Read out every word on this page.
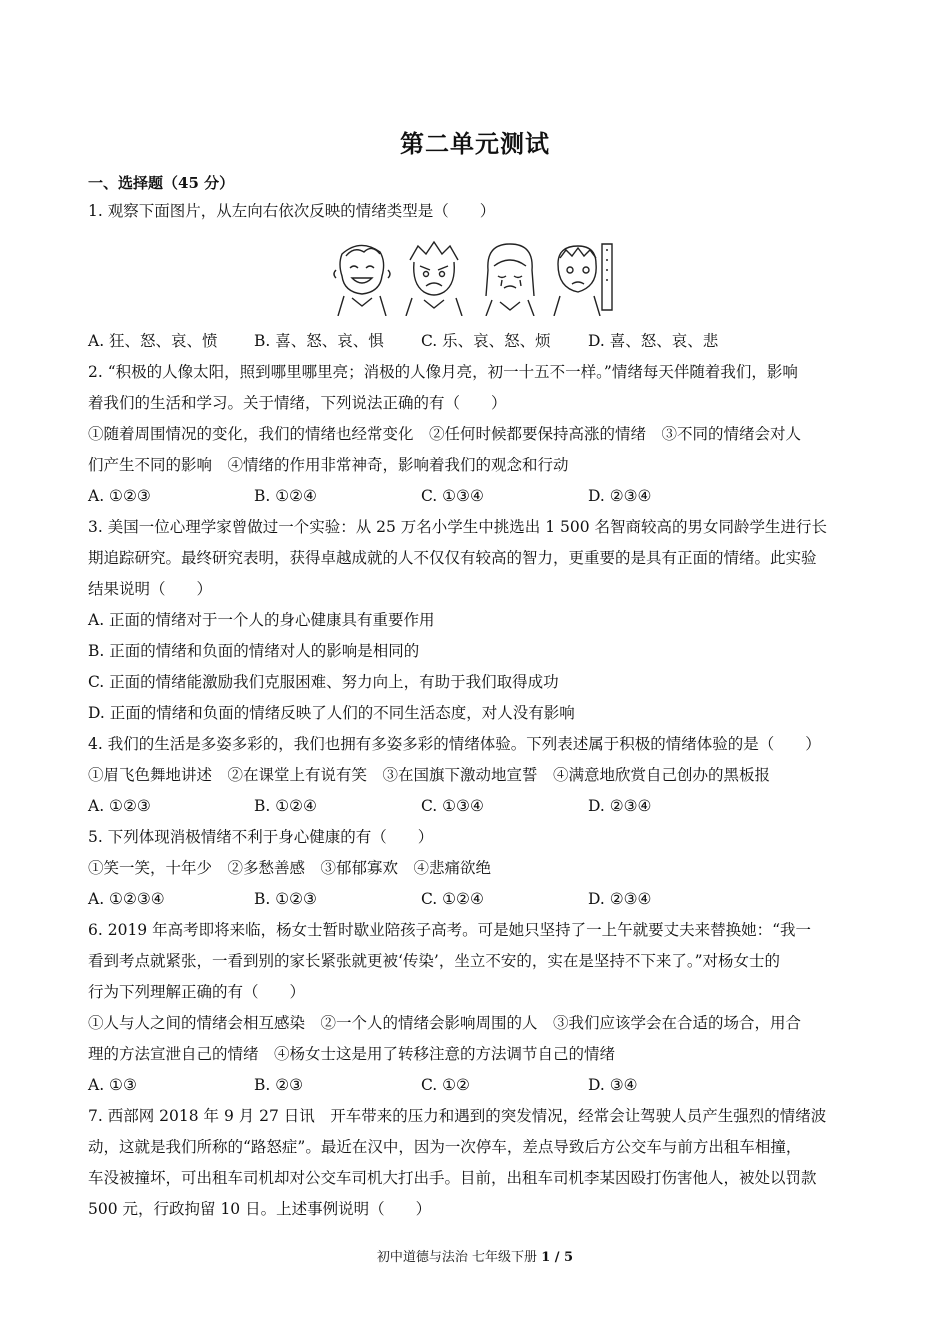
第二单元测试
一、选择题（45 分）
1. 观察下面图片，从左向右依次反映的情绪类型是（　　）
A. 狂、怒、哀、愤 B. 喜、怒、哀、惧 C. 乐、哀、怒、烦 D. 喜、怒、哀、悲
2. “积极的人像太阳，照到哪里哪里亮；消极的人像月亮，初一十五不一样。”情绪每天伴随着我们，影响
着我们的生活和学习。关于情绪，下列说法正确的有（　　）
①随着周围情况的变化，我们的情绪也经常变化　②任何时候都要保持高涨的情绪　③不同的情绪会对人
们产生不同的影响　④情绪的作用非常神奇，影响着我们的观念和行动
A. ①②③	B. ①②④	C. ①③④	D. ②③④
3. 美国一位心理学家曾做过一个实验：从 25 万名小学生中挑选出 1 500 名智商较高的男女同龄学生进行长
期追踪研究。最终研究表明，获得卓越成就的人不仅仅有较高的智力，更重要的是具有正面的情绪。此实验
结果说明（　　）
A. 正面的情绪对于一个人的身心健康具有重要作用
B. 正面的情绪和负面的情绪对人的影响是相同的
C. 正面的情绪能激励我们克服困难、努力向上，有助于我们取得成功
D. 正面的情绪和负面的情绪反映了人们的不同生活态度，对人没有影响
4. 我们的生活是多姿多彩的，我们也拥有多姿多彩的情绪体验。下列表述属于积极的情绪体验的是（　　）
①眉飞色舞地讲述　②在课堂上有说有笑　③在国旗下激动地宣誓　④满意地欣赏自己创办的黑板报
A. ①②③	B. ①②④	C. ①③④	D. ②③④
5. 下列体现消极情绪不利于身心健康的有（　　）
①笑一笑，十年少　②多愁善感　③郁郁寡欢　④悲痛欲绝
A. ①②③④	B. ①②③	C. ①②④	D. ②③④
6. 2019 年高考即将来临，杨女士暂时歇业陪孩子高考。可是她只坚持了一上午就要丈夫来替换她：“我一
看到考点就紧张，一看到别的家长紧张就更被‘传染’，坐立不安的，实在是坚持不下来了。”对杨女士的
行为下列理解正确的有（　　）
①人与人之间的情绪会相互感染　②一个人的情绪会影响周围的人　③我们应该学会在合适的场合，用合
理的方法宣泄自己的情绪　④杨女士这是用了转移注意的方法调节自己的情绪
A. ①③	B. ②③	C. ①②	D. ③④
7. 西部网 2018 年 9 月 27 日讯　开车带来的压力和遇到的突发情况，经常会让驾驶人员产生强烈的情绪波
动，这就是我们所称的“路怒症”。最近在汉中，因为一次停车，差点导致后方公交车与前方出租车相撞，
车没被撞坏，可出租车司机却对公交车司机大打出手。目前，出租车司机李某因殴打伤害他人，被处以罚款
500 元，行政拘留 10 日。上述事例说明（　　）
初中道德与法治 七年级下册 1 / 5
